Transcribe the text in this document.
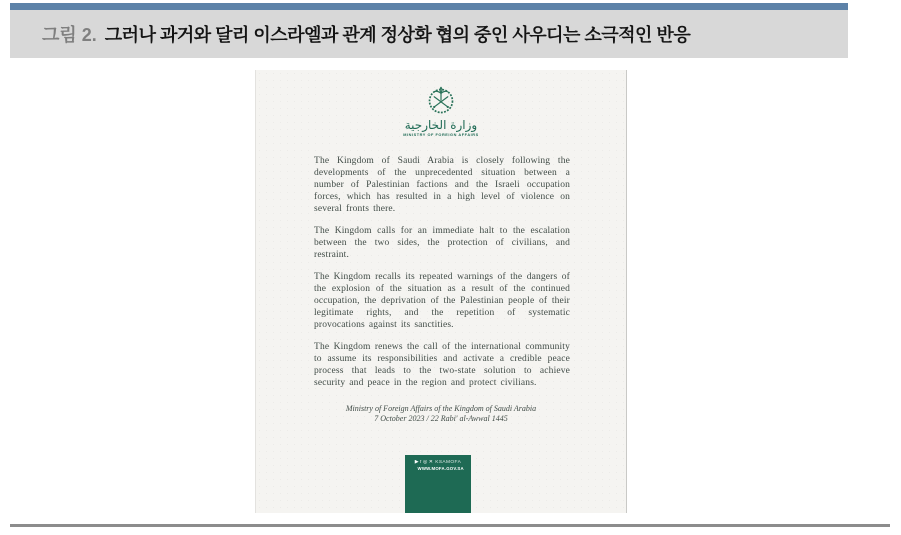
그림 2. 그러나 과거와 달리 이스라엘과 관계 정상화 협의 중인 사우디는 소극적인 반응
وزارة الخارجية
MINISTRY OF FOREIGN AFFAIRS

The Kingdom of Saudi Arabia is closely following the developments of the unprecedented situation between a number of Palestinian factions and the Israeli occupation forces, which has resulted in a high level of violence on several fronts there.

The Kingdom calls for an immediate halt to the escalation between the two sides, the protection of civilians, and restraint.

The Kingdom recalls its repeated warnings of the dangers of the explosion of the situation as a result of the continued occupation, the deprivation of the Palestinian people of their legitimate rights, and the repetition of systematic provocations against its sanctities.

The Kingdom renews the call of the international community to assume its responsibilities and activate a credible peace process that leads to the two-state solution to achieve security and peace in the region and protect civilians.

Ministry of Foreign Affairs of the Kingdom of Saudi Arabia
7 October 2023 / 22 Rabi' al-Awwal 1445
▶ f ◎ ✕ KSAMOFA
WWW.MOFA.GOV.SA
